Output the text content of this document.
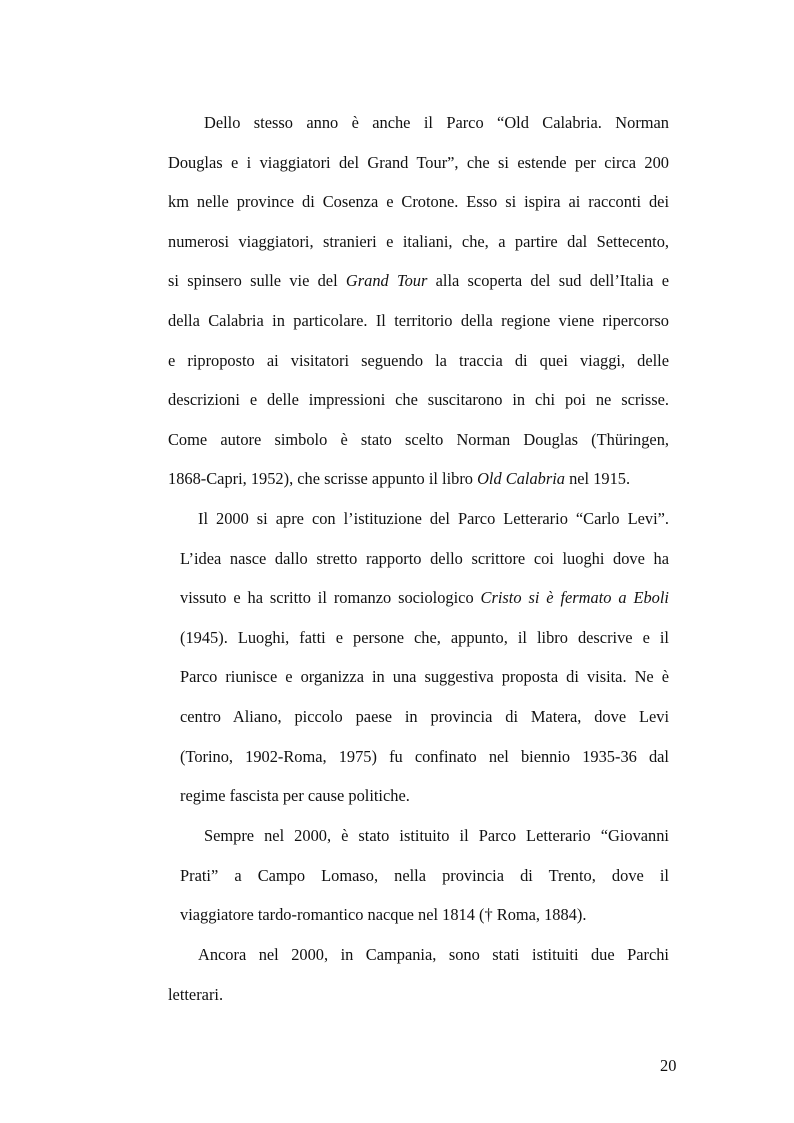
Dello stesso anno è anche il Parco “Old Calabria. Norman
Douglas e i viaggiatori del Grand Tour”, che si estende per circa 200
km nelle province di Cosenza e Crotone. Esso si ispira ai racconti dei
numerosi viaggiatori, stranieri e italiani, che, a partire dal Settecento,
si spinsero sulle vie del Grand Tour alla scoperta del sud dell’Italia e
della Calabria in particolare. Il territorio della regione viene ripercorso
e riproposto ai visitatori seguendo la traccia di quei viaggi, delle
descrizioni e delle impressioni che suscitarono in chi poi ne scrisse.
Come autore simbolo è stato scelto Norman Douglas (Thüringen,
1868-Capri, 1952), che scrisse appunto il libro Old Calabria nel 1915.

Il 2000 si apre con l’istituzione del Parco Letterario “Carlo Levi”.
L’idea nasce dallo stretto rapporto dello scrittore coi luoghi dove ha
vissuto e ha scritto il romanzo sociologico Cristo si è fermato a Eboli
(1945). Luoghi, fatti e persone che, appunto, il libro descrive e il
Parco riunisce e organizza in una suggestiva proposta di visita. Ne è
centro Aliano, piccolo paese in provincia di Matera, dove Levi
(Torino, 1902-Roma, 1975) fu confinato nel biennio 1935-36 dal
regime fascista per cause politiche.

Sempre nel 2000, è stato istituito il Parco Letterario “Giovanni
Prati” a Campo Lomaso, nella provincia di Trento, dove il
viaggiatore tardo-romantico nacque nel 1814 († Roma, 1884).

Ancora nel 2000, in Campania, sono stati istituiti due Parchi
letterari.

20
